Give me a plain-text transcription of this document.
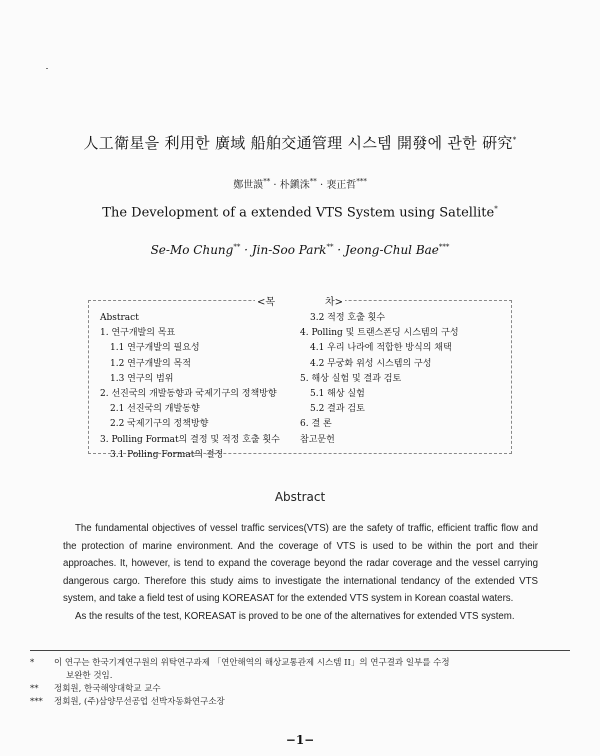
人工衛星을 利用한 廣域 船舶交通管理 시스템 開發에 관한 硏究*
鄭世謨** · 朴鎭洙** · 裵正哲***
The Development of a extended VTS System using Satellite*
Se-Mo Chung** · Jin-Soo Park** · Jeong-Chul Bae***
<목　　　　　차>
Abstract
1. 연구개발의 목표
1.1 연구개발의 필요성
1.2 연구개발의 목적
1.3 연구의 범위
2. 선진국의 개발동향과 국제기구의 정책방향
2.1 선진국의 개발동향
2.2 국제기구의 정책방향
3. Polling Format의 결정 및 적정 호출 횟수
3.1 Polling Format의 결정
3.2 적정 호출 횟수
4. Polling 및 트랜스폰딩 시스템의 구성
4.1 우리 나라에 적합한 방식의 채택
4.2 무궁화 위성 시스템의 구성
5. 해상 실험 및 결과 검토
5.1 해상 실험
5.2 결과 검토
6. 결 론
참고문헌
Abstract

The fundamental objectives of vessel traffic services(VTS) are the safety of traffic, efficient traffic flow and the protection of marine environment. And the coverage of VTS is used to be within the port and their approaches. It, however, is tend to expand the coverage beyond the radar coverage and the vessel carrying dangerous cargo. Therefore this study aims to investigate the international tendancy of the extended VTS system, and take a field test of using KOREASAT for the extended VTS system in Korean coastal waters.

As the results of the test, KOREASAT is proved to be one of the alternatives for extended VTS system.

* 이 연구는 한국기계연구원의 위탁연구과제 「연안해역의 해상교통관제 시스템 II」의 연구결과 일부를 수정
보완한 것임.
** 정회원, 한국해양대학교 교수
*** 정회원, (주)삼양무선공업 선박자동화연구소장
−1−
